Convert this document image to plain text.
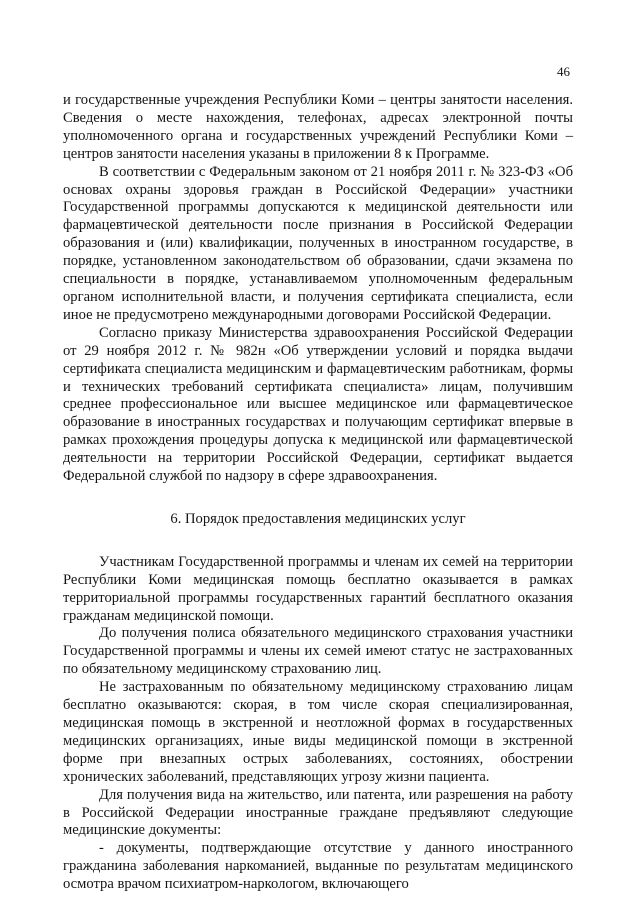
46

и государственные учреждения Республики Коми – центры занятости населения. Сведения о месте нахождения, телефонах, адресах электронной почты уполномоченного органа и государственных учреждений Республики Коми – центров занятости населения указаны в приложении 8 к Программе.

В соответствии с Федеральным законом от 21 ноября 2011 г. № 323-ФЗ «Об основах охраны здоровья граждан в Российской Федерации» участники Государственной программы допускаются к медицинской деятельности или фармацевтической деятельности после признания в Российской Федерации образования и (или) квалификации, полученных в иностранном государстве, в порядке, установленном законодательством об образовании, сдачи экзамена по специальности в порядке, устанавливаемом уполномоченным федеральным органом исполнительной власти, и получения сертификата специалиста, если иное не предусмотрено международными договорами Российской Федерации.

Согласно приказу Министерства здравоохранения Российской Федерации от 29 ноября 2012 г. № 982н «Об утверждении условий и порядка выдачи сертификата специалиста медицинским и фармацевтическим работникам, формы и технических требований сертификата специалиста» лицам, получившим среднее профессиональное или высшее медицинское или фармацевтическое образование в иностранных государствах и получающим сертификат впервые в рамках прохождения процедуры допуска к медицинской или фармацевтической деятельности на территории Российской Федерации, сертификат выдается Федеральной службой по надзору в сфере здравоохранения.

6. Порядок предоставления медицинских услуг

Участникам Государственной программы и членам их семей на территории Республики Коми медицинская помощь бесплатно оказывается в рамках территориальной программы государственных гарантий бесплатного оказания гражданам медицинской помощи.

До получения полиса обязательного медицинского страхования участники Государственной программы и члены их семей имеют статус не застрахованных по обязательному медицинскому страхованию лиц.

Не застрахованным по обязательному медицинскому страхованию лицам бесплатно оказываются: скорая, в том числе скорая специализированная, медицинская помощь в экстренной и неотложной формах в государственных медицинских организациях, иные виды медицинской помощи в экстренной форме при внезапных острых заболеваниях, состояниях, обострении хронических заболеваний, представляющих угрозу жизни пациента.

Для получения вида на жительство, или патента, или разрешения на работу в Российской Федерации иностранные граждане предъявляют следующие медицинские документы:

- документы, подтверждающие отсутствие у данного иностранного гражданина заболевания наркоманией, выданные по результатам медицинского осмотра врачом психиатром-наркологом, включающего
